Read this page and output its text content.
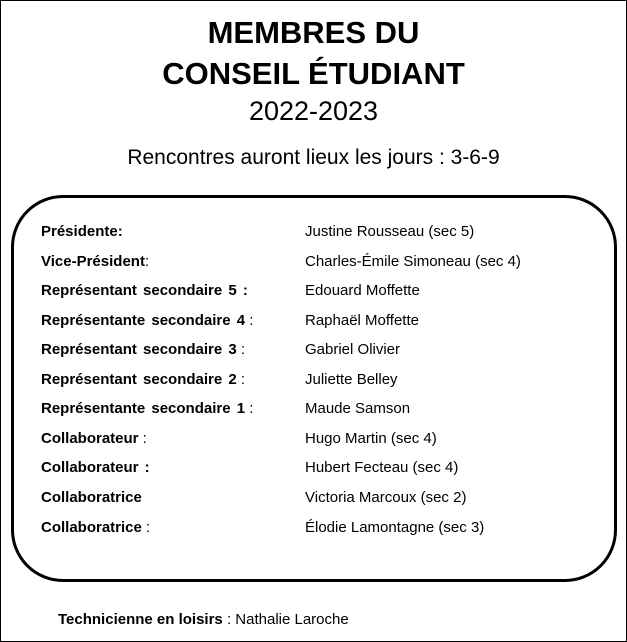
MEMBRES DU
CONSEIL ÉTUDIANT
2022-2023
Rencontres auront lieux les jours : 3-6-9
Présidente:	Justine Rousseau (sec 5)
Vice-Président:	Charles-Émile Simoneau (sec 4)
Représentant secondaire 5 :	Edouard Moffette
Représentante secondaire 4 :	Raphaël Moffette
Représentant secondaire 3 :	Gabriel Olivier
Représentant secondaire 2 :	Juliette Belley
Représentante secondaire 1 :	Maude Samson
Collaborateur :	Hugo Martin (sec 4)
Collaborateur :	Hubert Fecteau (sec 4)
Collaboratrice	Victoria Marcoux (sec 2)
Collaboratrice :	Élodie Lamontagne (sec 3)
Technicienne en loisirs : Nathalie Laroche
